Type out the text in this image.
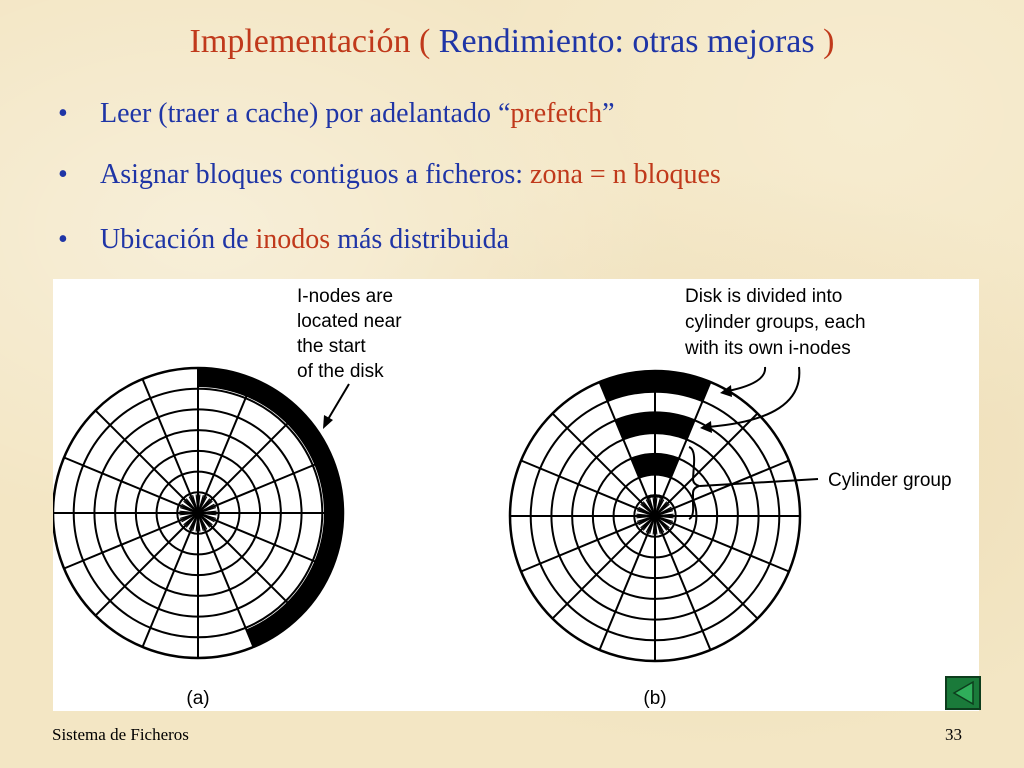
Implementación ( Rendimiento: otras mejoras )
• Leer (traer a cache) por adelantado “prefetch”
• Asignar bloques contiguos a ficheros: zona = n bloques
• Ubicación de inodos más distribuida
I-nodes are
located near
the start
of the disk
Disk is divided into
cylinder groups, each
with its own i-nodes
Cylinder group
(a)	(b)
Sistema de Ficheros	33
